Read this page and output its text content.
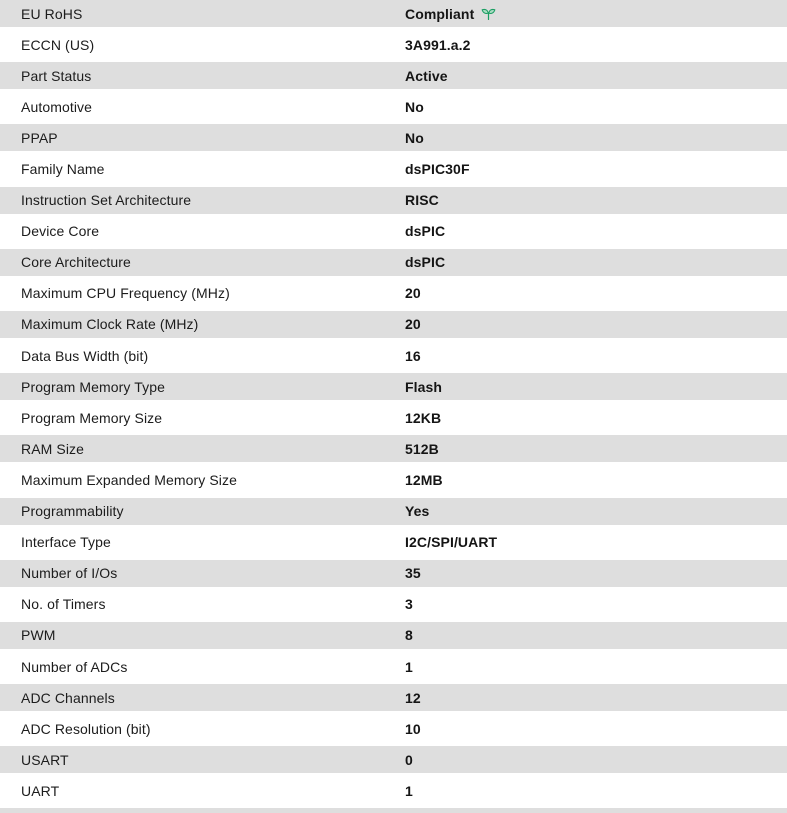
EU RoHS	Compliant
ECCN (US)	3A991.a.2
Part Status	Active
Automotive	No
PPAP	No
Family Name	dsPIC30F
Instruction Set Architecture	RISC
Device Core	dsPIC
Core Architecture	dsPIC
Maximum CPU Frequency (MHz)	20
Maximum Clock Rate (MHz)	20
Data Bus Width (bit)	16
Program Memory Type	Flash
Program Memory Size	12KB
RAM Size	512B
Maximum Expanded Memory Size	12MB
Programmability	Yes
Interface Type	I2C/SPI/UART
Number of I/Os	35
No. of Timers	3
PWM	8
Number of ADCs	1
ADC Channels	12
ADC Resolution (bit)	10
USART	0
UART	1
